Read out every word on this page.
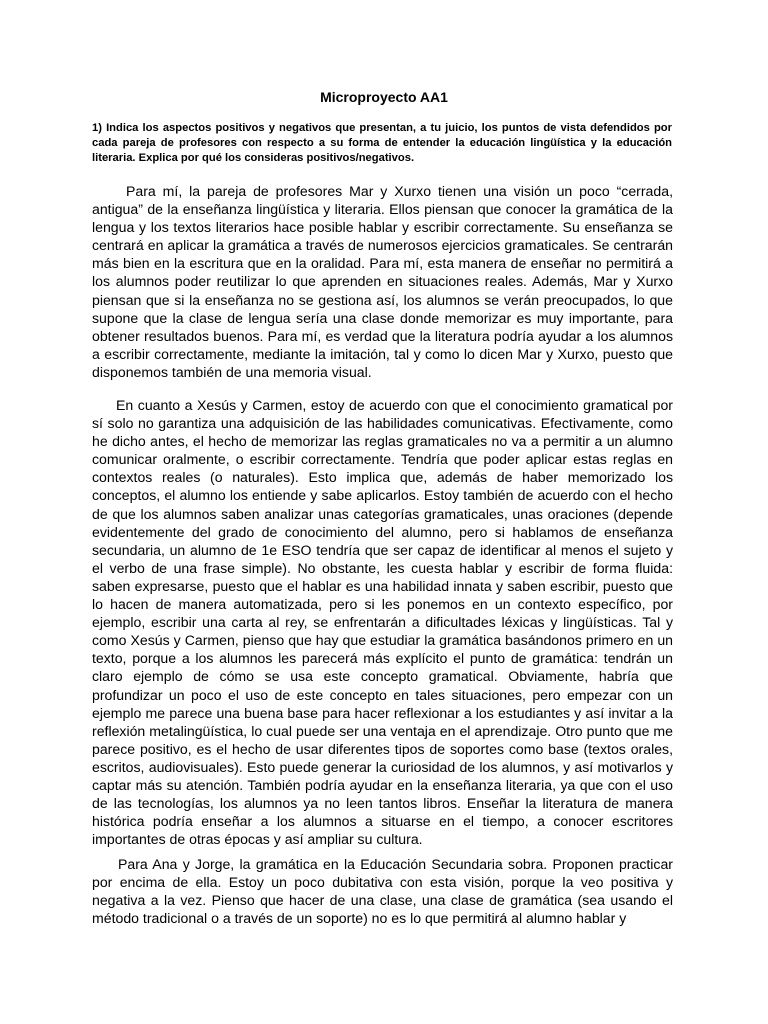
Microproyecto AA1
1) Indica los aspectos positivos y negativos que presentan, a tu juicio, los puntos de vista defendidos por cada pareja de profesores con respecto a su forma de entender la educación lingüística y la educación literaria. Explica por qué los consideras positivos/negativos.

Para mí, la pareja de profesores Mar y Xurxo tienen una visión un poco “cerrada, antigua” de la enseñanza lingüística y literaria. Ellos piensan que conocer la gramática de la lengua y los textos literarios hace posible hablar y escribir correctamente. Su enseñanza se centrará en aplicar la gramática a través de numerosos ejercicios gramaticales. Se centrarán más bien en la escritura que en la oralidad. Para mí, esta manera de enseñar no permitirá a los alumnos poder reutilizar lo que aprenden en situaciones reales. Además, Mar y Xurxo piensan que si la enseñanza no se gestiona así, los alumnos se verán preocupados, lo que supone que la clase de lengua sería una clase donde memorizar es muy importante, para obtener resultados buenos. Para mí, es verdad que la literatura podría ayudar a los alumnos a escribir correctamente, mediante la imitación, tal y como lo dicen Mar y Xurxo, puesto que disponemos también de una memoria visual.

En cuanto a Xesús y Carmen, estoy de acuerdo con que el conocimiento gramatical por sí solo no garantiza una adquisición de las habilidades comunicativas. Efectivamente, como he dicho antes, el hecho de memorizar las reglas gramaticales no va a permitir a un alumno comunicar oralmente, o escribir correctamente. Tendría que poder aplicar estas reglas en contextos reales (o naturales). Esto implica que, además de haber memorizado los conceptos, el alumno los entiende y sabe aplicarlos. Estoy también de acuerdo con el hecho de que los alumnos saben analizar unas categorías gramaticales, unas oraciones (depende evidentemente del grado de conocimiento del alumno, pero si hablamos de enseñanza secundaria, un alumno de 1e ESO tendría que ser capaz de identificar al menos el sujeto y el verbo de una frase simple). No obstante, les cuesta hablar y escribir de forma fluida: saben expresarse, puesto que el hablar es una habilidad innata y saben escribir, puesto que lo hacen de manera automatizada, pero si les ponemos en un contexto específico, por ejemplo, escribir una carta al rey, se enfrentarán a dificultades léxicas y lingüísticas. Tal y como Xesús y Carmen, pienso que hay que estudiar la gramática basándonos primero en un texto, porque a los alumnos les parecerá más explícito el punto de gramática: tendrán un claro ejemplo de cómo se usa este concepto gramatical. Obviamente, habría que profundizar un poco el uso de este concepto en tales situaciones, pero empezar con un ejemplo me parece una buena base para hacer reflexionar a los estudiantes y así invitar a la reflexión metalingüística, lo cual puede ser una ventaja en el aprendizaje. Otro punto que me parece positivo, es el hecho de usar diferentes tipos de soportes como base (textos orales, escritos, audiovisuales). Esto puede generar la curiosidad de los alumnos, y así motivarlos y captar más su atención. También podría ayudar en la enseñanza literaria, ya que con el uso de las tecnologías, los alumnos ya no leen tantos libros. Enseñar la literatura de manera histórica podría enseñar a los alumnos a situarse en el tiempo, a conocer escritores importantes de otras épocas y así ampliar su cultura.

Para Ana y Jorge, la gramática en la Educación Secundaria sobra. Proponen practicar por encima de ella. Estoy un poco dubitativa con esta visión, porque la veo positiva y negativa a la vez. Pienso que hacer de una clase, una clase de gramática (sea usando el método tradicional o a través de un soporte) no es lo que permitirá al alumno hablar y
